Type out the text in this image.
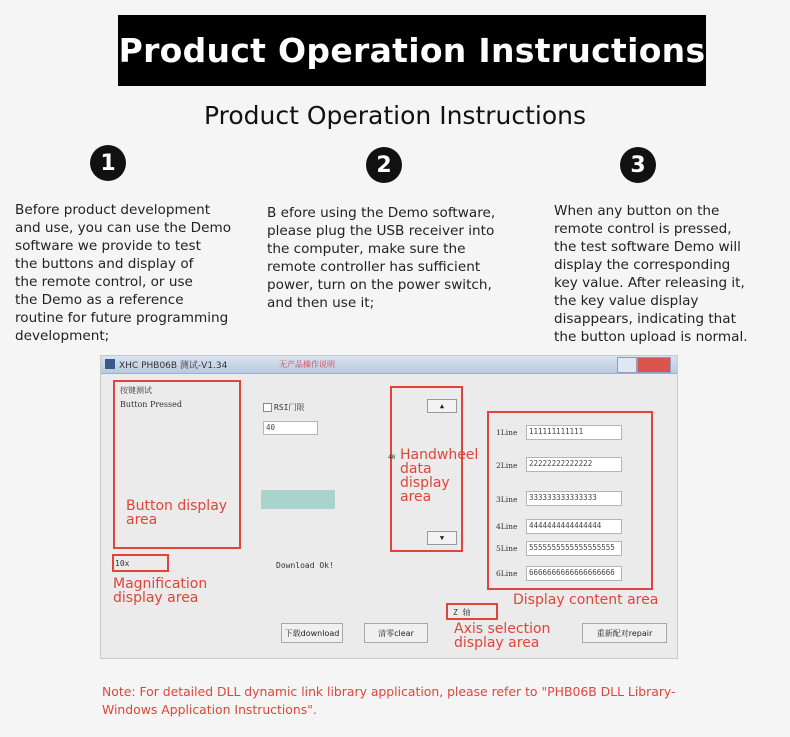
Product Operation Instructions
Product Operation Instructions
1	2	3
Before product development
and use, you can use the Demo
software we provide to test
the buttons and display of
the remote control, or use
the Demo as a reference
routine for future programming
development;
B efore using the Demo software,
please plug the USB receiver into
the computer, make sure the
remote controller has sufficient
power, turn on the power switch,
and then use it;
When any button on the
remote control is pressed,
the test software Demo will
display the corresponding
key value. After releasing it,
the key value display
disappears, indicating that
the button upload is normal.
XHC PHB06B 测试-V1.34	无产品操作说明
按键测试
Button Pressed
Button display
area
10x
Magnification
display area
RSI门限
40
Download Ok!
▲
▼
40 Handwheel
data
display
area
1Line	111111111111
2Line	22222222222222
3Line	333333333333333
4Line	4444444444444444
5Line	5555555555555555555
6Line	6666666666666666666
Display content area
Z 轴
Axis selection
display area
下载download	清零clear	重新配对repair
Note: For detailed DLL dynamic link library application, please refer to "PHB06B DLL Library-Windows Application Instructions".
